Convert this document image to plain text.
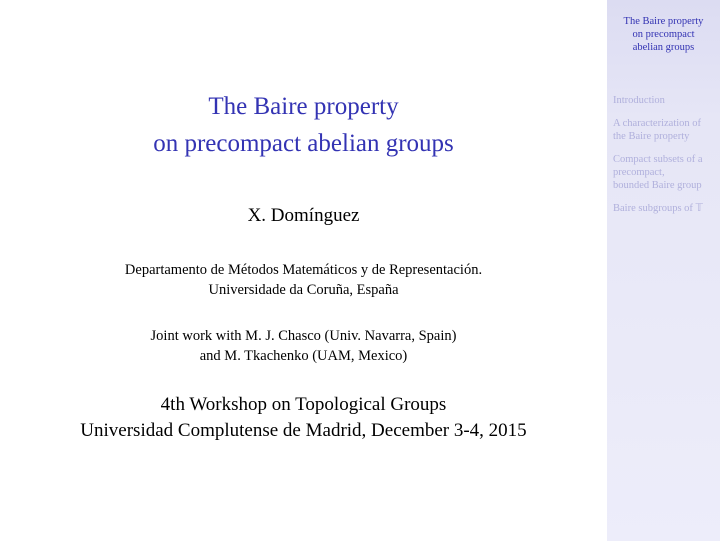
The Baire property
on precompact abelian groups
X. Domínguez
Departamento de Métodos Matemáticos y de Representación.
Universidade da Coruña, España
Joint work with M. J. Chasco (Univ. Navarra, Spain)
and M. Tkachenko (UAM, Mexico)
4th Workshop on Topological Groups
Universidad Complutense de Madrid, December 3-4, 2015
The Baire property
on precompact
abelian groups
Introduction
A characterization of
the Baire property
Compact subsets of a
precompact,
bounded Baire group
Baire subgroups of 𝕋
